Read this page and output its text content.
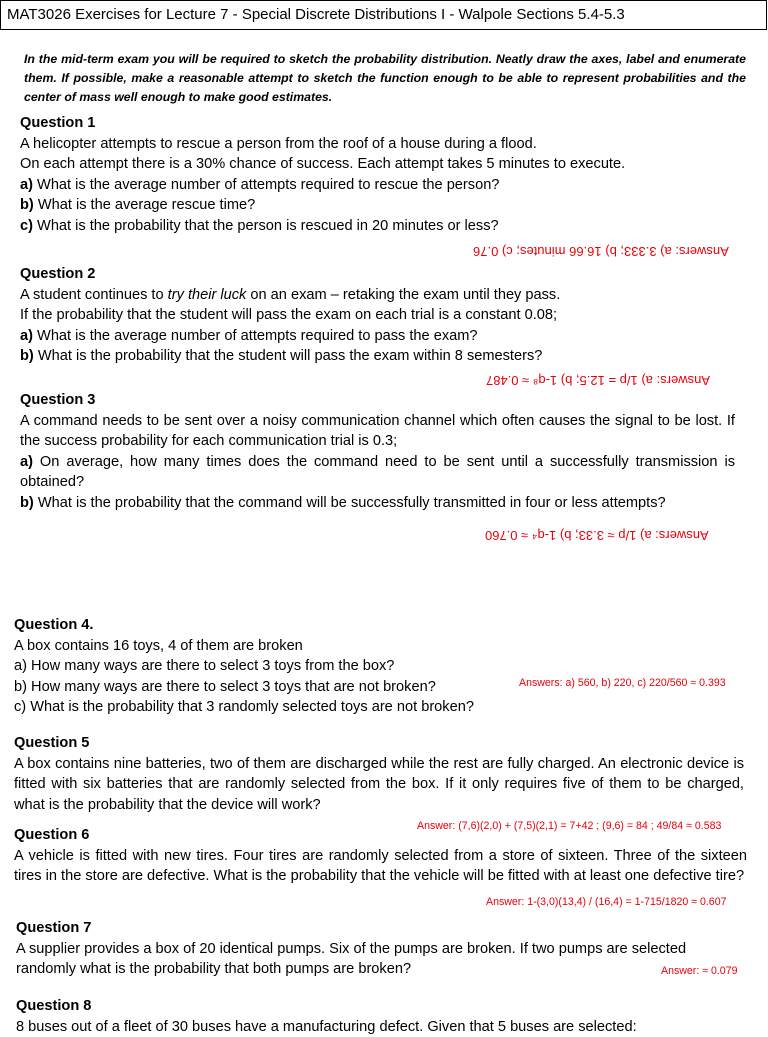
MAT3026 Exercises for Lecture 7 - Special Discrete Distributions I - Walpole Sections 5.4-5.3
In the mid-term exam you will be required to sketch the probability distribution. Neatly draw the axes, label and enumerate them. If possible, make a reasonable attempt to sketch the function enough to be able to represent probabilities and the center of mass well enough to make good estimates.

Question 1

A helicopter attempts to rescue a person from the roof of a house during a flood.

On each attempt there is a 30% chance of success. Each attempt takes 5 minutes to execute.

a) What is the average number of attempts required to rescue the person?

b) What is the average rescue time?

c) What is the probability that the person is rescued in 20 minutes or less?

Answers: a) 3.333; b) 16.66 minutes; c) 0.76

Question 2

A student continues to try their luck on an exam – retaking the exam until they pass.

If the probability that the student will pass the exam on each trial is a constant 0.08;

a) What is the average number of attempts required to pass the exam?

b) What is the probability that the student will pass the exam within 8 semesters?

Answers: a) 1/p = 12.5; b) 1-q⁸ ≈ 0.487

Question 3

A command needs to be sent over a noisy communication channel which often causes the signal to be lost. If the success probability for each communication trial is 0.3;

a) On average, how many times does the command need to be sent until a successfully transmission is obtained?

b) What is the probability that the command will be successfully transmitted in four or less attempts?

Answers: a) 1/p ≈ 3.33; b) 1-q⁴ ≈ 0.760

Question 4.

A box contains 16 toys, 4 of them are broken

a) How many ways are there to select 3 toys from the box?

b) How many ways are there to select 3 toys that are not broken?

c) What is the probability that 3 randomly selected toys are not broken?

Answers: a) 560, b) 220, c) 220/560 ≈ 0.393

Question 5

A box contains nine batteries, two of them are discharged while the rest are fully charged. An electronic device is fitted with six batteries that are randomly selected from the box. If it only requires five of them to be charged, what is the probability that the device will work?

Answer: (7,6)(2,0) + (7,5)(2,1) = 7+42 ; (9,6) = 84 ; 49/84 ≈ 0.583

Question 6

A vehicle is fitted with new tires. Four tires are randomly selected from a store of sixteen. Three of the sixteen tires in the store are defective. What is the probability that the vehicle will be fitted with at least one defective tire?

Answer: 1-(3,0)(13,4) / (16,4) = 1-715/1820 ≈ 0.607

Question 7

A supplier provides a box of 20 identical pumps. Six of the pumps are broken. If two pumps are selected randomly what is the probability that both pumps are broken?	Answer: ≈ 0.079

Question 8

8 buses out of a fleet of 30 buses have a manufacturing defect. Given that 5 buses are selected:
